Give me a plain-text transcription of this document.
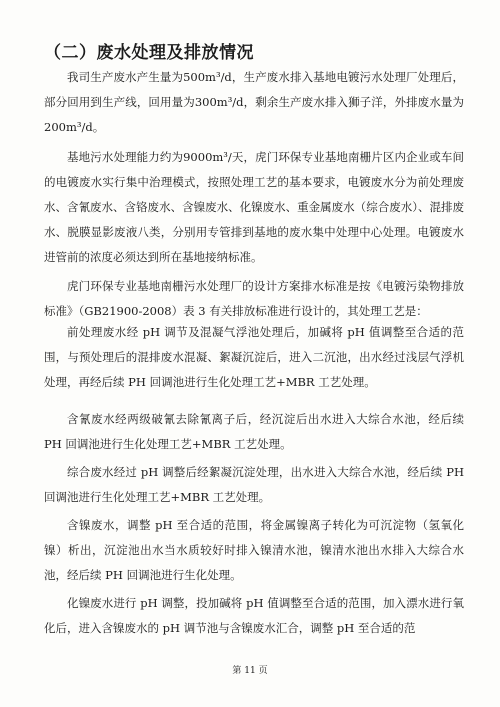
（二）废水处理及排放情况

我司生产废水产生量为500m³/d，生产废水排入基地电镀污水处理厂处理后，部分回用到生产线，回用量为300m³/d，剩余生产废水排入狮子洋，外排废水量为200m³/d。

基地污水处理能力约为9000m³/天，虎门环保专业基地南栅片区内企业或车间的电镀废水实行集中治理模式，按照处理工艺的基本要求，电镀废水分为前处理废水、含氰废水、含铬废水、含镍废水、化镍废水、重金属废水（综合废水）、混排废水、脱膜显影废液八类，分别用专管排到基地的废水集中处理中心处理。电镀废水进管前的浓度必须达到所在基地接纳标准。

虎门环保专业基地南栅污水处理厂的设计方案排水标准是按《电镀污染物排放标准》（GB21900-2008）表 3 有关排放标准进行设计的，其处理工艺是：

前处理废水经 pH 调节及混凝气浮池处理后，加碱将 pH 值调整至合适的范围，与预处理后的混排废水混凝、絮凝沉淀后，进入二沉池，出水经过浅层气浮机处理，再经后续 PH 回调池进行生化处理工艺+MBR 工艺处理。

含氰废水经两级破氰去除氰离子后，经沉淀后出水进入大综合水池，经后续 PH 回调池进行生化处理工艺+MBR 工艺处理。

综合废水经过 pH 调整后经絮凝沉淀处理，出水进入大综合水池，经后续 PH 回调池进行生化处理工艺+MBR 工艺处理。

含镍废水，调整 pH 至合适的范围，将金属镍离子转化为可沉淀物（氢氧化镍）析出，沉淀池出水当水质较好时排入镍清水池，镍清水池出水排入大综合水池，经后续 PH 回调池进行生化处理。

化镍废水进行 pH 调整，投加碱将 pH 值调整至合适的范围，加入漂水进行氧化后，进入含镍废水的 pH 调节池与含镍废水汇合，调整 pH 至合适的范

第 11 页
